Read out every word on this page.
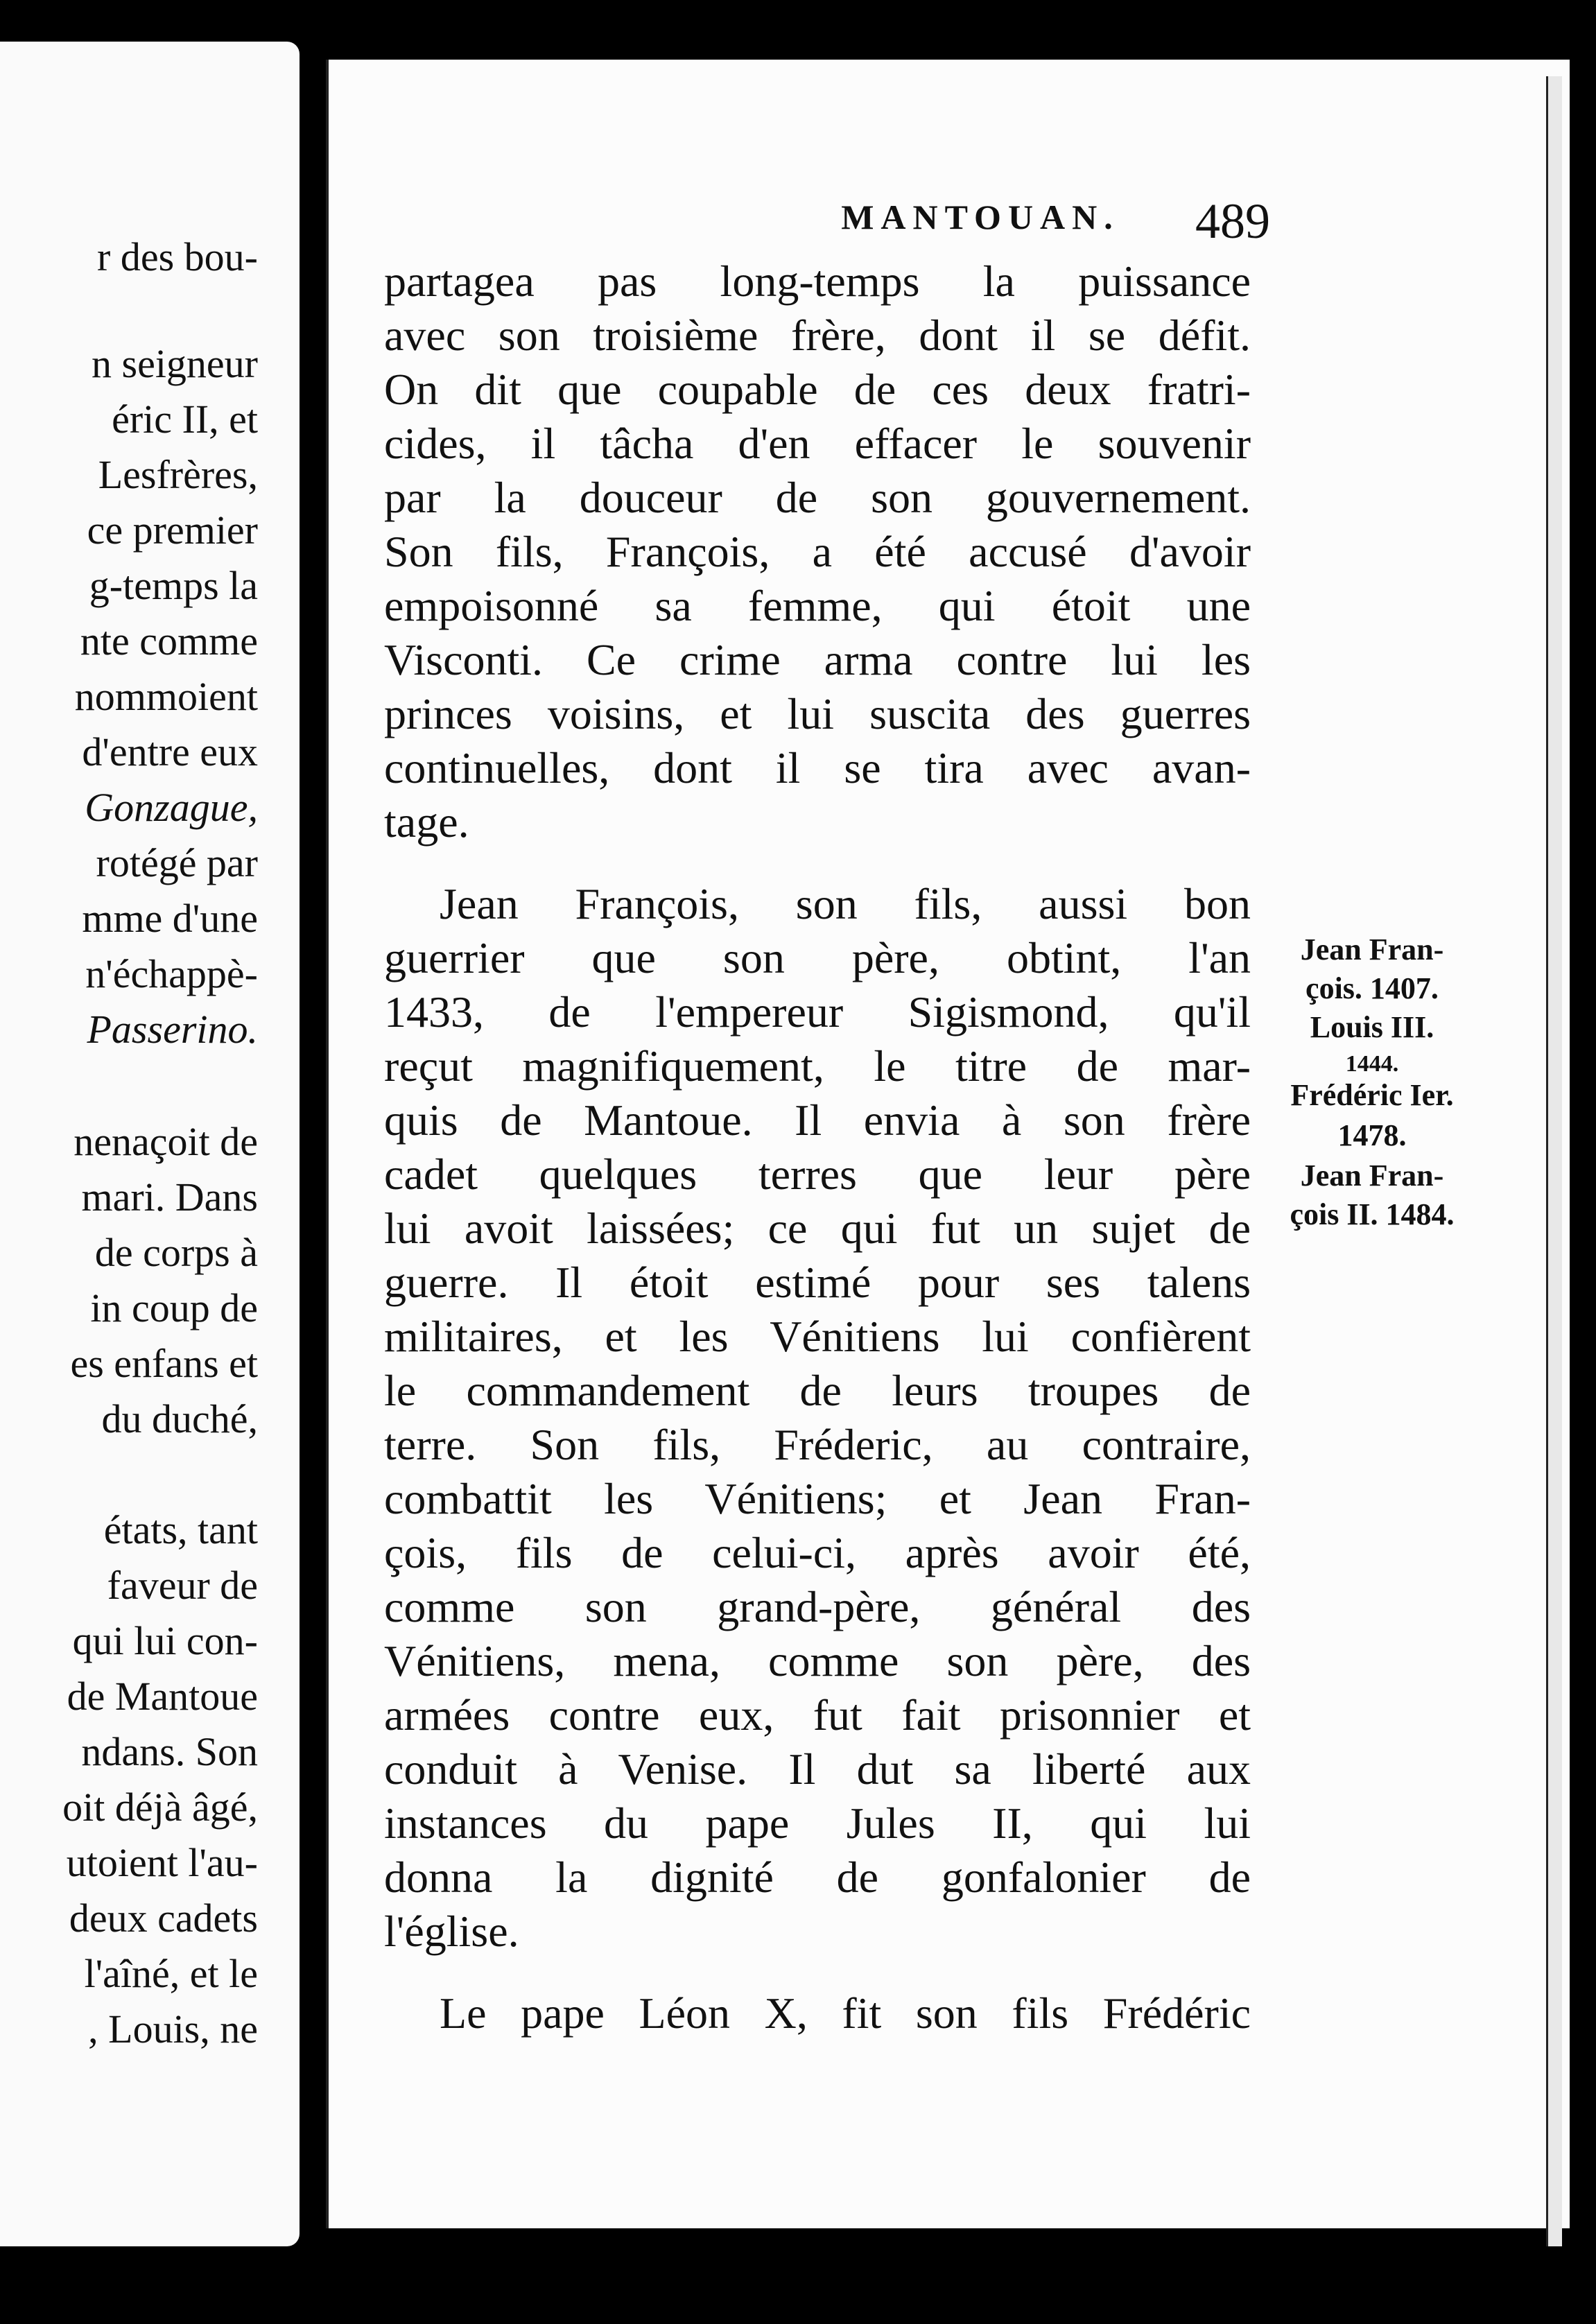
r des bou-
n seigneur
éric II, et
Lesfrères,
ce premier
g-temps la
nte comme
nommoient
d'entre eux
Gonzague,
rotégé par
mme d'une
n'échappè-
Passerino.
nenaçoit de
mari. Dans
de corps à
in coup de
es enfans et
du duché,
états, tant
faveur de
qui lui con-
de Mantoue
ndans. Son
oit déjà âgé,
utoient l'au-
deux cadets
l'aîné, et le
, Louis, ne
MANTOUAN.	489
partagea pas long-temps la puissance
avec son troisième frère, dont il se défit.
On dit que coupable de ces deux fratri-
cides, il tâcha d'en effacer le souvenir
par la douceur de son gouvernement.
Son fils, François, a été accusé d'avoir
empoisonné sa femme, qui étoit une
Visconti. Ce crime arma contre lui les
princes voisins, et lui suscita des guerres
continuelles, dont il se tira avec avan-
tage.
Jean François, son fils, aussi bon
guerrier que son père, obtint, l'an
1433, de l'empereur Sigismond, qu'il
reçut magnifiquement, le titre de mar-
quis de Mantoue. Il envia à son frère
cadet quelques terres que leur père
lui avoit laissées; ce qui fut un sujet de
guerre. Il étoit estimé pour ses talens
militaires, et les Vénitiens lui confièrent
le commandement de leurs troupes de
terre. Son fils, Fréderic, au contraire,
combattit les Vénitiens; et Jean Fran-
çois, fils de celui-ci, après avoir été,
comme son grand-père, général des
Vénitiens, mena, comme son père, des
armées contre eux, fut fait prisonnier et
conduit à Venise. Il dut sa liberté aux
instances du pape Jules II, qui lui
donna la dignité de gonfalonier de
l'église.
Le pape Léon X, fit son fils Frédéric
Jean Fran-
çois. 1407.
Louis III.
1444.
Frédéric Ier.
1478.
Jean Fran-
çois II. 1484.
